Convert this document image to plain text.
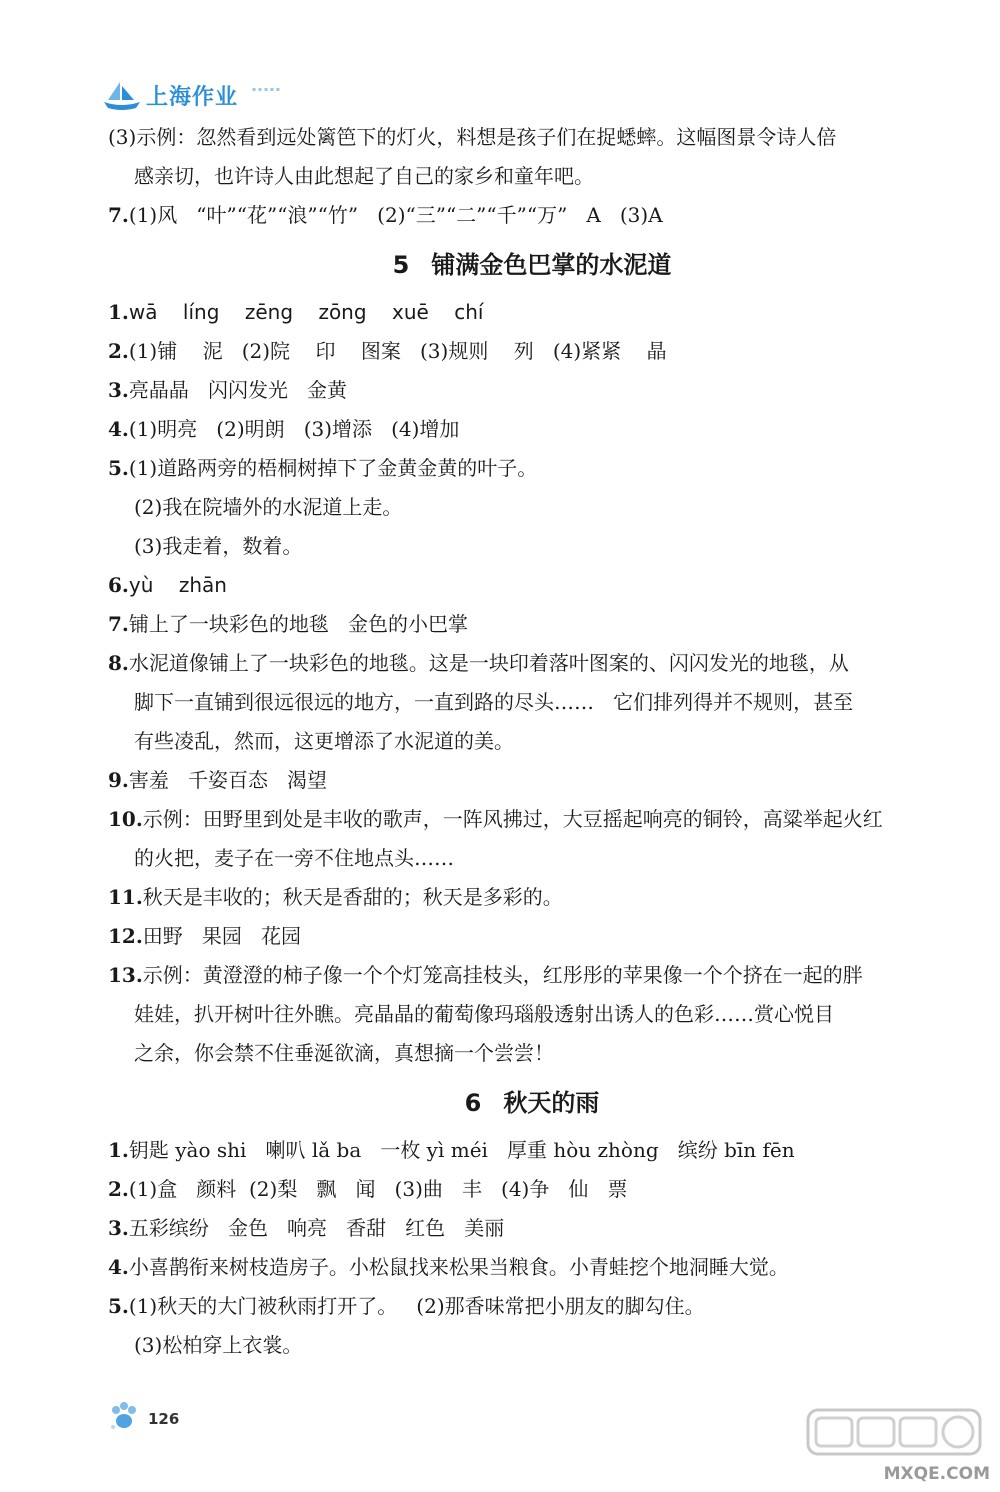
上海作业 ▪ ▪ ▪ ▪ ▪
(3)示例：忽然看到远处篱笆下的灯火，料想是孩子们在捉蟋蟀。这幅图景令诗人倍
感亲切，也许诗人由此想起了自己的家乡和童年吧。
7.(1)风   “叶”“花”“浪”“竹”   (2)“三”“二”“千”“万”   A   (3)A
5 铺满金色巴掌的水泥道
1.wā    líng    zēng    zōng    xuē    chí
2.(1)铺    泥   (2)院    印    图案   (3)规则    列   (4)紧紧    晶
3.亮晶晶   闪闪发光   金黄
4.(1)明亮   (2)明朗   (3)增添   (4)增加
5.(1)道路两旁的梧桐树掉下了金黄金黄的叶子。
(2)我在院墙外的水泥道上走。
(3)我走着，数着。
6.yù    zhān
7.铺上了一块彩色的地毯   金色的小巴掌
8.水泥道像铺上了一块彩色的地毯。这是一块印着落叶图案的、闪闪发光的地毯，从
脚下一直铺到很远很远的地方，一直到路的尽头……   它们排列得并不规则，甚至
有些凌乱，然而，这更增添了水泥道的美。
9.害羞   千姿百态   渴望
10.示例：田野里到处是丰收的歌声，一阵风拂过，大豆摇起响亮的铜铃，高粱举起火红
的火把，麦子在一旁不住地点头……
11.秋天是丰收的；秋天是香甜的；秋天是多彩的。
12.田野   果园   花园
13.示例：黄澄澄的柿子像一个个灯笼高挂枝头，红彤彤的苹果像一个个挤在一起的胖
娃娃，扒开树叶往外瞧。亮晶晶的葡萄像玛瑙般透射出诱人的色彩……赏心悦目
之余，你会禁不住垂涎欲滴，真想摘一个尝尝！
6 秋天的雨
1.钥匙 yào shi   喇叭 lǎ ba   一枚 yì méi   厚重 hòu zhòng   缤纷 bīn fēn
2.(1)盒   颜料  (2)梨   飘   闻   (3)曲   丰   (4)争   仙   票
3.五彩缤纷   金色   响亮   香甜   红色   美丽
4.小喜鹊衔来树枝造房子。小松鼠找来松果当粮食。小青蛙挖个地洞睡大觉。
5.(1)秋天的大门被秋雨打开了。   (2)那香味常把小朋友的脚勾住。
(3)松柏穿上衣裳。
126
MXQE.COM
